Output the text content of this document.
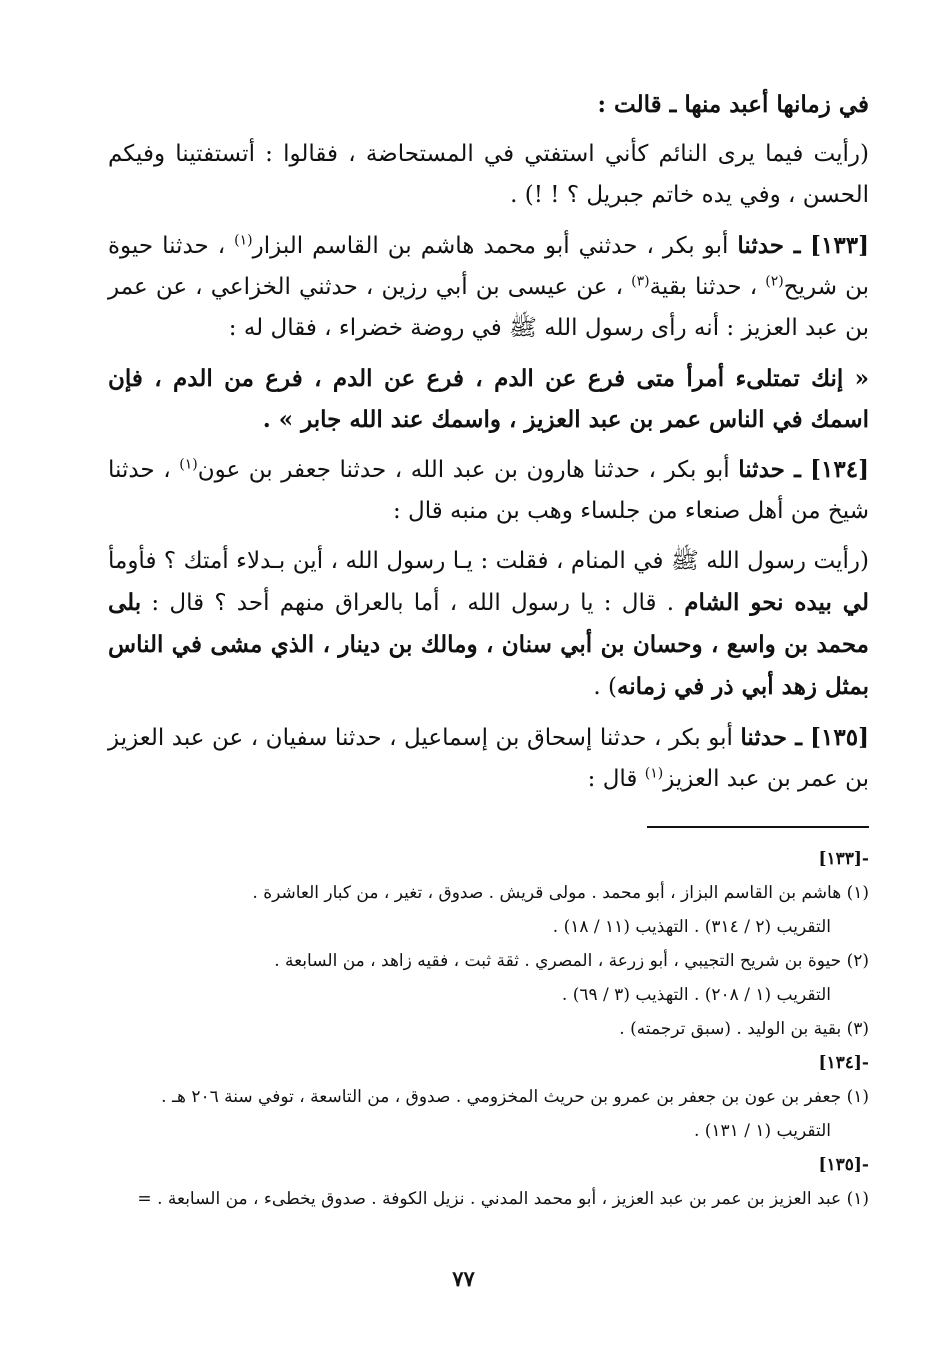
في زمانها أعبد منها ـ قالت :

(رأيت فيما يرى النائم كأني استفتي في المستحاضة ، فقالوا : أتستفتينا وفيكم الحسن ، وفي يده خاتم جبريل ؟ ! !) .

[١٣٣] ـ حدثنا أبو بكر ، حدثني أبو محمد هاشم بن القاسم البزار$^{(١)}$ ، حدثنا حيوة بن شريح$^{(٢)}$ ، حدثنا بقية$^{(٣)}$ ، عن عيسى بن أبي رزين ، حدثني الخزاعي ، عن عمر بن عبد العزيز : أنه رأى رسول الله ﷺ في روضة خضراء ، فقال له :

« إنك تمتلىء أمرأ متى فرع عن الدم ، فرع عن الدم ، فرع من الدم ، فإن اسمك في الناس عمر بن عبد العزيز ، واسمك عند الله جابر » .

[١٣٤] ـ حدثنا أبو بكر ، حدثنا هارون بن عبد الله ، حدثنا جعفر بن عون$^{(١)}$ ، حدثنا شيخ من أهل صنعاء من جلساء وهب بن منبه قال :

(رأيت رسول الله ﷺ في المنام ، فقلت : يـا رسول الله ، أين بـدلاء أمتك ؟ فأومأ لي بيده نحو الشام . قال : يا رسول الله ، أما بالعراق منهم أحد ؟ قال : بلى محمد بن واسع ، وحسان بن أبي سنان ، ومالك بن دينار ، الذي مشى في الناس بمثل زهد أبي ذر في زمانه) .

[١٣٥] ـ حدثنا أبو بكر ، حدثنا إسحاق بن إسماعيل ، حدثنا سفيان ، عن عبد العزيز بن عمر بن عبد العزيز$^{(١)}$ قال :

-[١٣٣]

(١) هاشم بن القاسم البزاز ، أبو محمد . مولى قريش . صدوق ، تغير ، من كبار العاشرة .

التقريب (٢ / ٣١٤) . التهذيب (١١ / ١٨) .

(٢) حيوة بن شريح التجيبي ، أبو زرعة ، المصري . ثقة ثبت ، فقيه زاهد ، من السابعة .

التقريب (١ / ٢٠٨) . التهذيب (٣ / ٦٩) .

(٣) بقية بن الوليد . (سبق ترجمته) .

-[١٣٤]

(١) جعفر بن عون بن جعفر بن عمرو بن حريث المخزومي . صدوق ، من التاسعة ، توفي سنة ٢٠٦ هـ .

التقريب (١ / ١٣١) .

-[١٣٥]

(١) عبد العزيز بن عمر بن عبد العزيز ، أبو محمد المدني . نزيل الكوفة . صدوق يخطىء ، من السابعة . =

٧٧
